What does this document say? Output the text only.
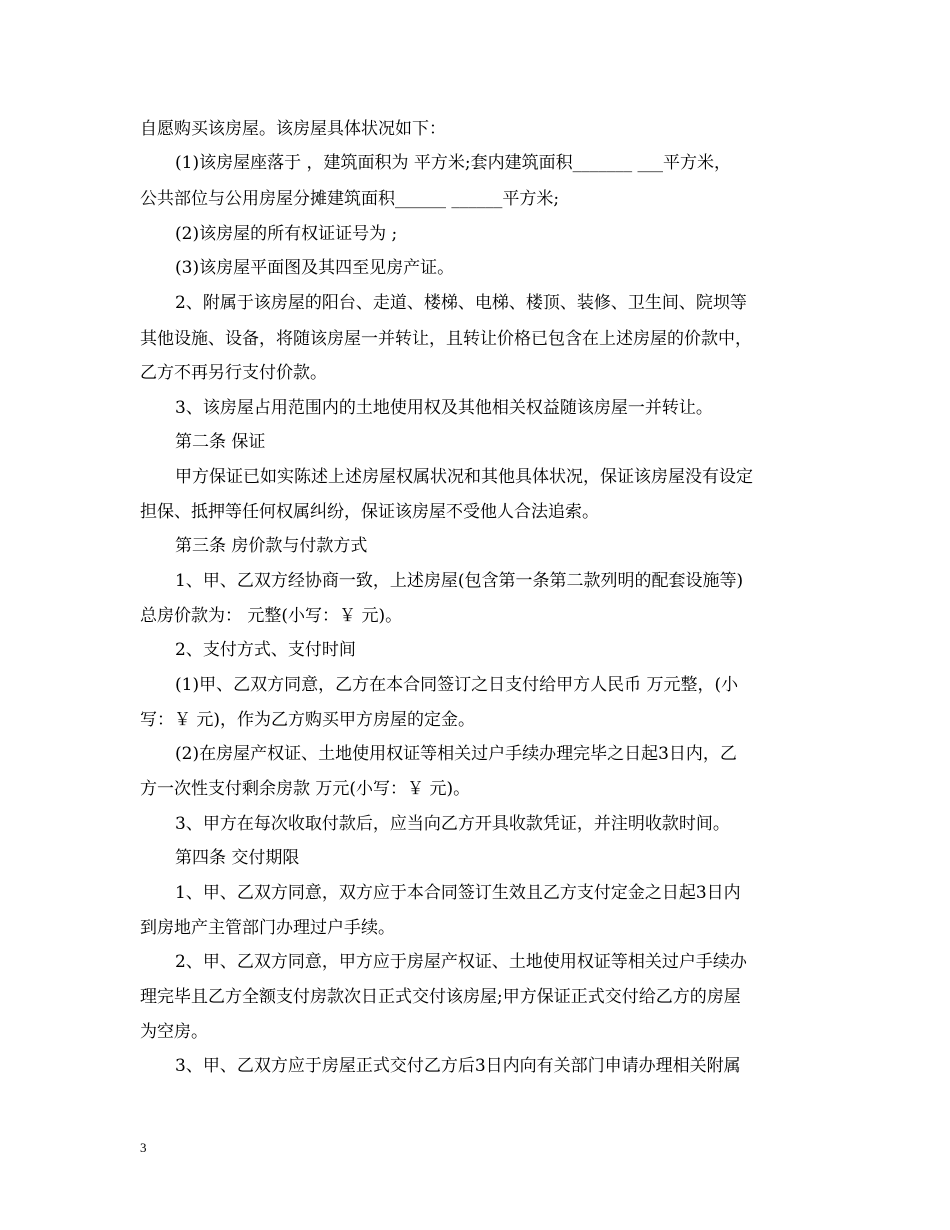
自愿购买该房屋。该房屋具体状况如下：
(1)该房屋座落于 ，建筑面积为 平方米;套内建筑面积_______ ___平方米，
公共部位与公用房屋分摊建筑面积______ ______平方米;
(2)该房屋的所有权证证号为 ;
(3)该房屋平面图及其四至见房产证。
2、附属于该房屋的阳台、走道、楼梯、电梯、楼顶、装修、卫生间、院坝等
其他设施、设备，将随该房屋一并转让，且转让价格已包含在上述房屋的价款中，
乙方不再另行支付价款。
3、该房屋占用范围内的土地使用权及其他相关权益随该房屋一并转让。
第二条 保证
甲方保证已如实陈述上述房屋权属状况和其他具体状况，保证该房屋没有设定
担保、抵押等任何权属纠纷，保证该房屋不受他人合法追索。
第三条 房价款与付款方式
1、甲、乙双方经协商一致，上述房屋(包含第一条第二款列明的配套设施等)
总房价款为： 元整(小写：￥ 元)。
2、支付方式、支付时间
(1)甲、乙双方同意，乙方在本合同签订之日支付给甲方人民币 万元整，(小
写：￥ 元)，作为乙方购买甲方房屋的定金。
(2)在房屋产权证、土地使用权证等相关过户手续办理完毕之日起3日内，乙
方一次性支付剩余房款 万元(小写：￥ 元)。
3、甲方在每次收取付款后，应当向乙方开具收款凭证，并注明收款时间。
第四条 交付期限
1、甲、乙双方同意，双方应于本合同签订生效且乙方支付定金之日起3日内
到房地产主管部门办理过户手续。
2、甲、乙双方同意，甲方应于房屋产权证、土地使用权证等相关过户手续办
理完毕且乙方全额支付房款次日正式交付该房屋;甲方保证正式交付给乙方的房屋
为空房。
3、甲、乙双方应于房屋正式交付乙方后3日内向有关部门申请办理相关附属
3
